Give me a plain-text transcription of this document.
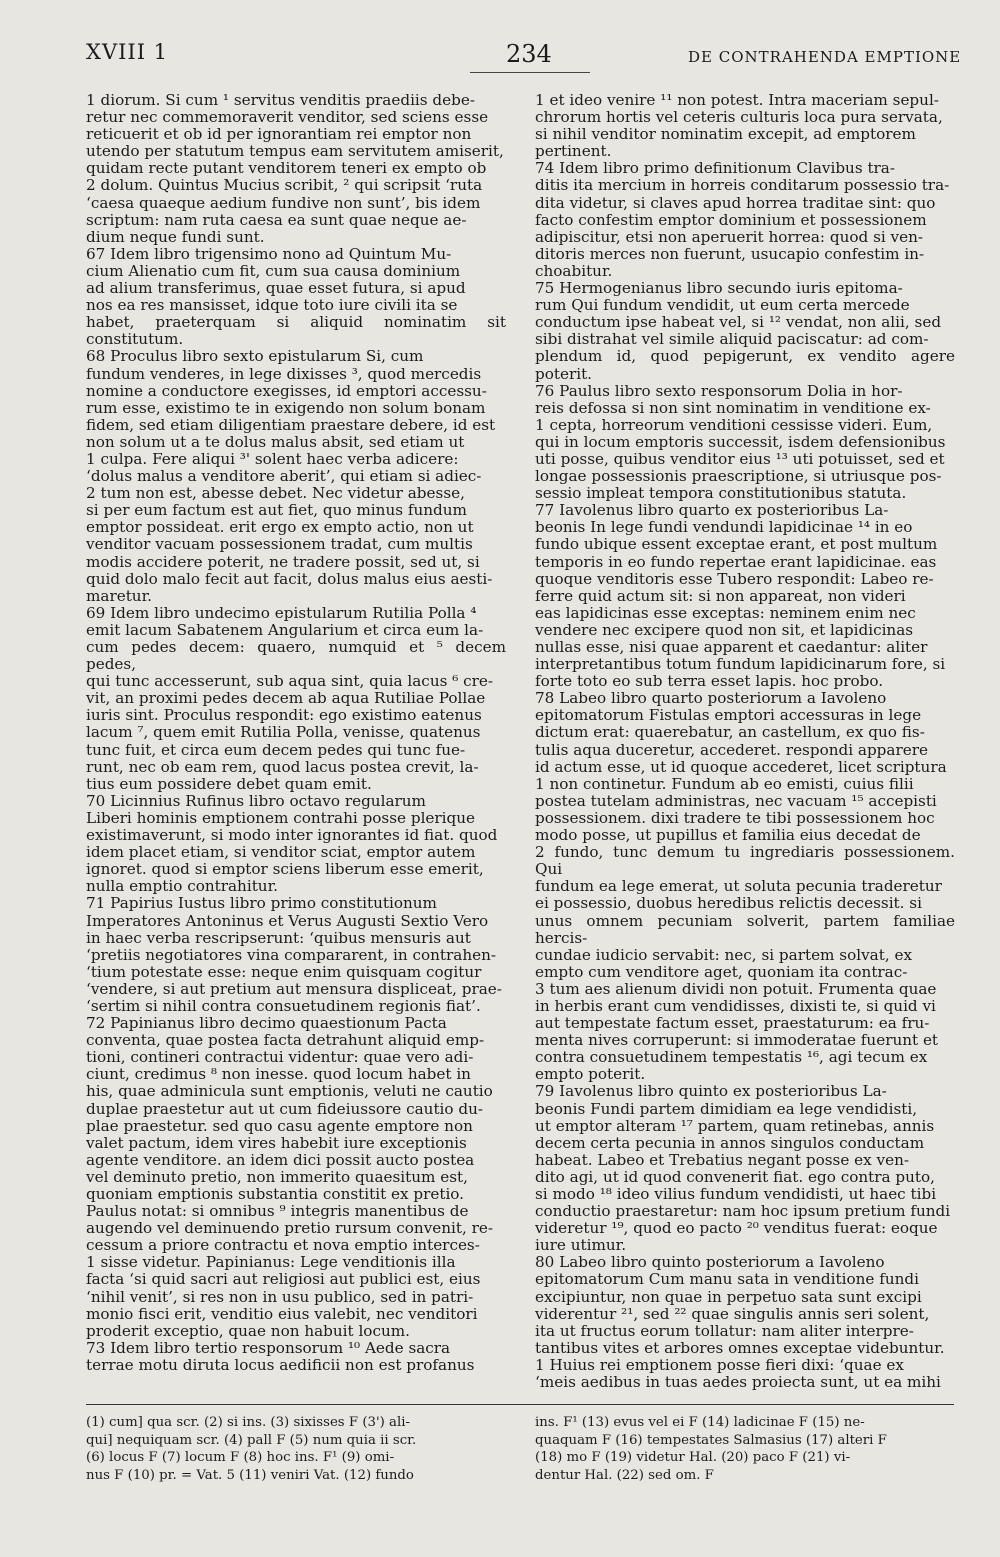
XVIII 1	234	DE CONTRAHENDA EMPTIONE

1 diorum. Si cum ¹ servitus venditis praediis debe-

retur nec commemoraverit venditor, sed sciens esse

reticuerit et ob id per ignorantiam rei emptor non

utendo per statutum tempus eam servitutem amiserit,

quidam recte putant venditorem teneri ex empto ob

2 dolum. Quintus Mucius scribit, ² qui scripsit ‘ruta

‘caesa quaeque aedium fundive non sunt’, bis idem

scriptum: nam ruta caesa ea sunt quae neque ae-

dium neque fundi sunt.

67 Idem libro trigensimo nono ad Quintum Mu-

cium Alienatio cum fit, cum sua causa dominium

ad alium transferimus, quae esset futura, si apud

nos ea res mansisset, idque toto iure civili ita se

habet, praeterquam si aliquid nominatim sit constitutum.

68 Proculus libro sexto epistularum Si, cum

fundum venderes, in lege dixisses ³, quod mercedis

nomine a conductore exegisses, id emptori accessu-

rum esse, existimo te in exigendo non solum bonam

fidem, sed etiam diligentiam praestare debere, id est

non solum ut a te dolus malus absit, sed etiam ut

1 culpa. Fere aliqui ³' solent haec verba adicere:

‘dolus malus a venditore aberit’, qui etiam si adiec-

2 tum non est, abesse debet. Nec videtur abesse,

si per eum factum est aut fiet, quo minus fundum

emptor possideat. erit ergo ex empto actio, non ut

venditor vacuam possessionem tradat, cum multis

modis accidere poterit, ne tradere possit, sed ut, si

quid dolo malo fecit aut facit, dolus malus eius aesti-

maretur.

69 Idem libro undecimo epistularum Rutilia Polla ⁴

emit lacum Sabatenem Angularium et circa eum la-

cum pedes decem: quaero, numquid et ⁵ decem pedes,

qui tunc accesserunt, sub aqua sint, quia lacus ⁶ cre-

vit, an proximi pedes decem ab aqua Rutiliae Pollae

iuris sint. Proculus respondit: ego existimo eatenus

lacum ⁷, quem emit Rutilia Polla, venisse, quatenus

tunc fuit, et circa eum decem pedes qui tunc fue-

runt, nec ob eam rem, quod lacus postea crevit, la-

tius eum possidere debet quam emit.

70 Licinnius Rufinus libro octavo regularum

Liberi hominis emptionem contrahi posse plerique

existimaverunt, si modo inter ignorantes id fiat. quod

idem placet etiam, si venditor sciat, emptor autem

ignoret. quod si emptor sciens liberum esse emerit,

nulla emptio contrahitur.

71 Papirius Iustus libro primo constitutionum

Imperatores Antoninus et Verus Augusti Sextio Vero

in haec verba rescripserunt: ‘quibus mensuris aut

‘pretiis negotiatores vina compararent, in contrahen-

‘tium potestate esse: neque enim quisquam cogitur

‘vendere, si aut pretium aut mensura displiceat, prae-

‘sertim si nihil contra consuetudinem regionis fiat’.

72 Papinianus libro decimo quaestionum Pacta

conventa, quae postea facta detrahunt aliquid emp-

tioni, contineri contractui videntur: quae vero adi-

ciunt, credimus ⁸ non inesse. quod locum habet in

his, quae adminicula sunt emptionis, veluti ne cautio

duplae praestetur aut ut cum fideiussore cautio du-

plae praestetur. sed quo casu agente emptore non

valet pactum, idem vires habebit iure exceptionis

agente venditore. an idem dici possit aucto postea

vel deminuto pretio, non immerito quaesitum est,

quoniam emptionis substantia constitit ex pretio.

Paulus notat: si omnibus ⁹ integris manentibus de

augendo vel deminuendo pretio rursum convenit, re-

cessum a priore contractu et nova emptio interces-

1 sisse videtur. Papinianus: Lege venditionis illa

facta ‘si quid sacri aut religiosi aut publici est, eius

‘nihil venit’, si res non in usu publico, sed in patri-

monio fisci erit, venditio eius valebit, nec venditori

proderit exceptio, quae non habuit locum.

73 Idem libro tertio responsorum ¹⁰ Aede sacra

terrae motu diruta locus aedificii non est profanus

1 et ideo venire ¹¹ non potest. Intra maceriam sepul-

chrorum hortis vel ceteris culturis loca pura servata,

si nihil venditor nominatim excepit, ad emptorem

pertinent.

74 Idem libro primo definitionum Clavibus tra-

ditis ita mercium in horreis conditarum possessio tra-

dita videtur, si claves apud horrea traditae sint: quo

facto confestim emptor dominium et possessionem

adipiscitur, etsi non aperuerit horrea: quod si ven-

ditoris merces non fuerunt, usucapio confestim in-

choabitur.

75 Hermogenianus libro secundo iuris epitoma-

rum Qui fundum vendidit, ut eum certa mercede

conductum ipse habeat vel, si ¹² vendat, non alii, sed

sibi distrahat vel simile aliquid paciscatur: ad com-

plendum id, quod pepigerunt, ex vendito agere poterit.

76 Paulus libro sexto responsorum Dolia in hor-

reis defossa si non sint nominatim in venditione ex-

1 cepta, horreorum venditioni cessisse videri. Eum,

qui in locum emptoris successit, isdem defensionibus

uti posse, quibus venditor eius ¹³ uti potuisset, sed et

longae possessionis praescriptione, si utriusque pos-

sessio impleat tempora constitutionibus statuta.

77 Iavolenus libro quarto ex posterioribus La-

beonis In lege fundi vendundi lapidicinae ¹⁴ in eo

fundo ubique essent exceptae erant, et post multum

temporis in eo fundo repertae erant lapidicinae. eas

quoque venditoris esse Tubero respondit: Labeo re-

ferre quid actum sit: si non appareat, non videri

eas lapidicinas esse exceptas: neminem enim nec

vendere nec excipere quod non sit, et lapidicinas

nullas esse, nisi quae apparent et caedantur: aliter

interpretantibus totum fundum lapidicinarum fore, si

forte toto eo sub terra esset lapis. hoc probo.

78 Labeo libro quarto posteriorum a Iavoleno

epitomatorum Fistulas emptori accessuras in lege

dictum erat: quaerebatur, an castellum, ex quo fis-

tulis aqua duceretur, accederet. respondi apparere

id actum esse, ut id quoque accederet, licet scriptura

1 non continetur. Fundum ab eo emisti, cuius filii

postea tutelam administras, nec vacuam ¹⁵ accepisti

possessionem. dixi tradere te tibi possessionem hoc

modo posse, ut pupillus et familia eius decedat de

2 fundo, tunc demum tu ingrediaris possessionem. Qui

fundum ea lege emerat, ut soluta pecunia traderetur

ei possessio, duobus heredibus relictis decessit. si

unus omnem pecuniam solverit, partem familiae hercis-

cundae iudicio servabit: nec, si partem solvat, ex

empto cum venditore aget, quoniam ita contrac-

3 tum aes alienum dividi non potuit. Frumenta quae

in herbis erant cum vendidisses, dixisti te, si quid vi

aut tempestate factum esset, praestaturum: ea fru-

menta nives corruperunt: si immoderatae fuerunt et

contra consuetudinem tempestatis ¹⁶, agi tecum ex

empto poterit.

79 Iavolenus libro quinto ex posterioribus La-

beonis Fundi partem dimidiam ea lege vendidisti,

ut emptor alteram ¹⁷ partem, quam retinebas, annis

decem certa pecunia in annos singulos conductam

habeat. Labeo et Trebatius negant posse ex ven-

dito agi, ut id quod convenerit fiat. ego contra puto,

si modo ¹⁸ ideo vilius fundum vendidisti, ut haec tibi

conductio praestaretur: nam hoc ipsum pretium fundi

videretur ¹⁹, quod eo pacto ²⁰ venditus fuerat: eoque

iure utimur.

80 Labeo libro quinto posteriorum a Iavoleno

epitomatorum Cum manu sata in venditione fundi

excipiuntur, non quae in perpetuo sata sunt excipi

viderentur ²¹, sed ²² quae singulis annis seri solent,

ita ut fructus eorum tollatur: nam aliter interpre-

tantibus vites et arbores omnes exceptae videbuntur.

1 Huius rei emptionem posse fieri dixi: ‘quae ex

‘meis aedibus in tuas aedes proiecta sunt, ut ea mihi

(1) cum] qua scr. (2) si ins. (3) sixisses F (3') ali-

qui] nequiquam scr. (4) pall F (5) num quia ii scr.

(6) locus F (7) locum F (8) hoc ins. F¹ (9) omi-

nus F (10) pr. = Vat. 5 (11) veniri Vat. (12) fundo

ins. F¹ (13) evus vel ei F (14) ladicinae F (15) ne-

quaquam F (16) tempestates Salmasius (17) alteri F

(18) mo F (19) videtur Hal. (20) paco F (21) vi-

dentur Hal. (22) sed om. F
